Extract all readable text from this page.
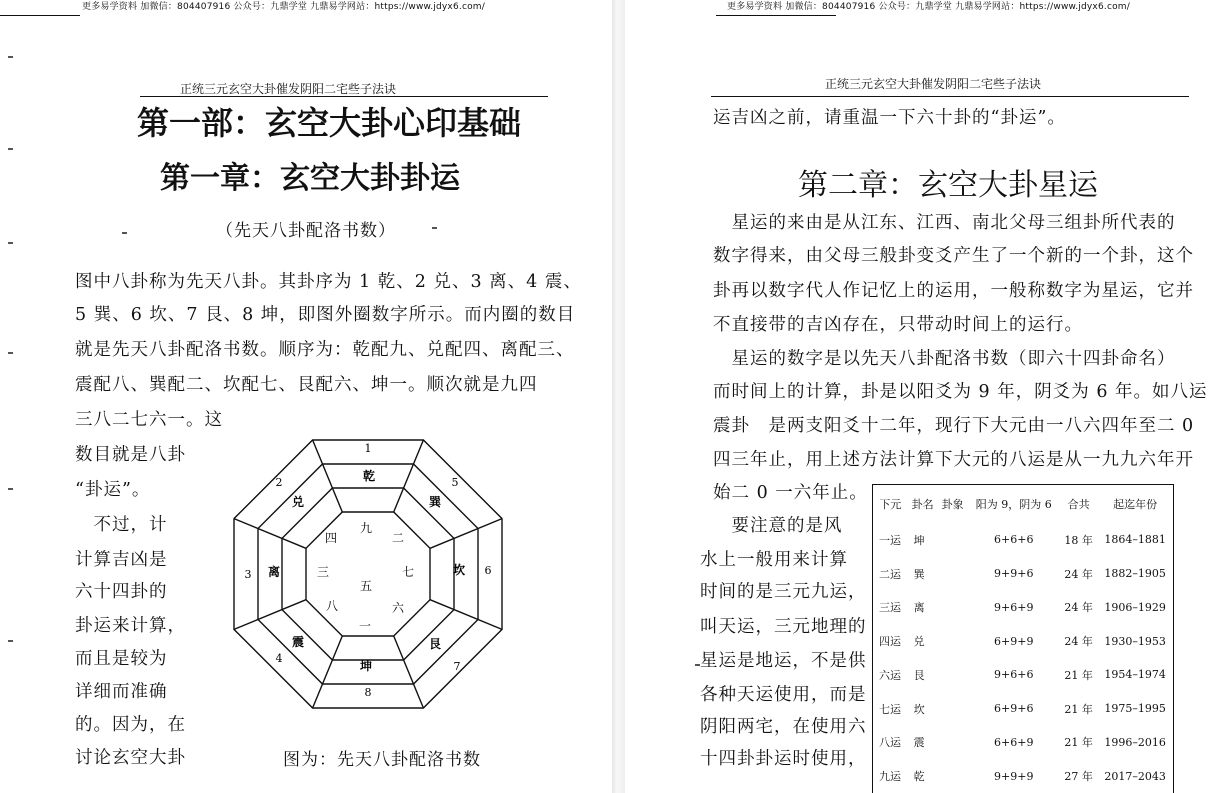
更多易学资料 加微信：804407916 公众号：九鼎学堂 九鼎易学网站：https://www.jdyx6.com/
正统三元玄空大卦催发阴阳二宅些子法诀
第一部：玄空大卦心印基础
第一章：玄空大卦卦运
（先天八卦配洛书数）
图中八卦称为先天八卦。其卦序为 1 乾、2 兑、3 离、4 震、
5 巽、6 坎、7 艮、8 坤，即图外圈数字所示。而内圈的数目
就是先天八卦配洛书数。顺序为：乾配九、兑配四、离配三、
震配八、巽配二、坎配七、艮配六、坤一。顺次就是九四
三八二七六一。这
数目就是八卦
“卦运”。
　不过，计
计算吉凶是
六十四卦的
卦运来计算，
而且是较为
详细而准确
的。因为，在
讨论玄空大卦
1
2
3
4
5
6
7
8
乾
兑
离
震
巽
坎
艮
坤
九
四
三
八
二
七
六
一
五
图为：先天八卦配洛书数
更多易学资料 加微信：804407916 公众号：九鼎学堂 九鼎易学网站：https://www.jdyx6.com/
正统三元玄空大卦催发阴阳二宅些子法诀
运吉凶之前，请重温一下六十卦的“卦运”。
第二章：玄空大卦星运
　星运的来由是从江东、江西、南北父母三组卦所代表的
数字得来，由父母三般卦变爻产生了一个新的一个卦，这个
卦再以数字代人作记忆上的运用，一般称数字为星运，它并
不直接带的吉凶存在，只带动时间上的运行。
　星运的数字是以先天八卦配洛书数（即六十四卦命名）
而时间上的计算，卦是以阳爻为 9 年，阴爻为 6 年。如八运
震卦　是两支阳爻十二年，现行下大元由一八六四年至二 0
四三年止，用上述方法计算下大元的八运是从一九九六年开
始二 0 一六年止。
　要注意的是风
水上一般用来计算
时间的是三元九运，
叫天运，三元地理的
星运是地运，不是供
各种天运使用，而是
阴阳两宅，在使用六
十四卦卦运时使用，
下元	卦名	卦象	阳为 9，阴为 6	合共	起迄年份
一运	坤		6+6+6	18 年	1864–1881
二运	巽		9+9+6	24 年	1882–1905
三运	离		9+6+9	24 年	1906–1929
四运	兑		6+9+9	24 年	1930–1953
六运	艮		9+6+6	21 年	1954–1974
七运	坎		6+9+6	21 年	1975–1995
八运	震		6+6+9	21 年	1996–2016
九运	乾		9+9+9	27 年	2017–2043
